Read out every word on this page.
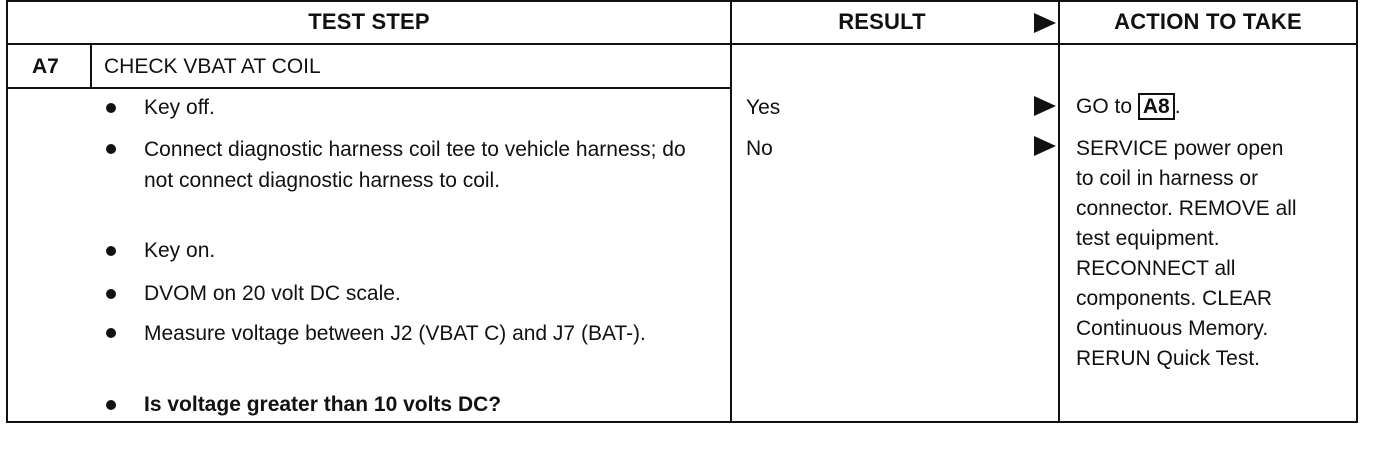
TEST STEP	RESULT	ACTION TO TAKE
A7 CHECK VBAT AT COIL
Key off.
Connect diagnostic harness coil tee to vehicle harness; do not connect diagnostic harness to coil.
Key on.
DVOM on 20 volt DC scale.
Measure voltage between J2 (VBAT C) and J7 (BAT-).
Is voltage greater than 10 volts DC?
Yes
No
GO to A8 .
SERVICE power open
to coil in harness or
connector. REMOVE all
test equipment.
RECONNECT all
components. CLEAR
Continuous Memory.
RERUN Quick Test.
